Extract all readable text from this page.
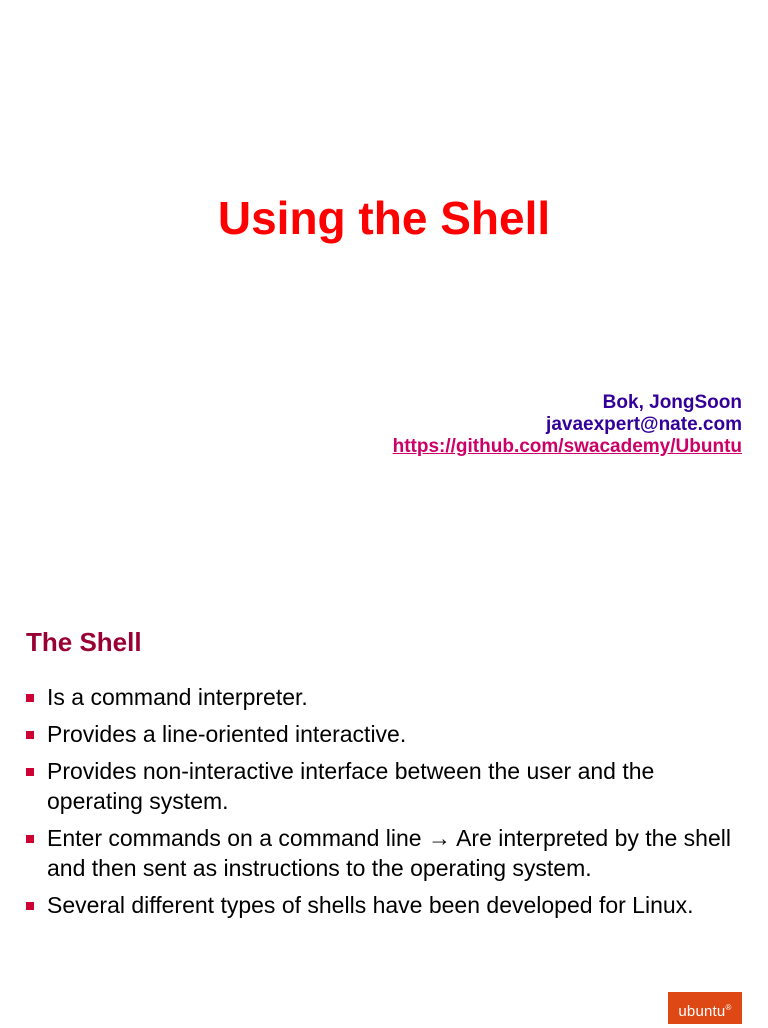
Using the Shell
Bok, JongSoon
javaexpert@nate.com
https://github.com/swacademy/Ubuntu
The Shell
Is a command interpreter.
Provides a line-oriented interactive.
Provides non-interactive interface between the user and the operating system.
Enter commands on a command line → Are interpreted by the shell and then sent as instructions to the operating system.
Several different types of shells have been developed for Linux.
ubuntu®
